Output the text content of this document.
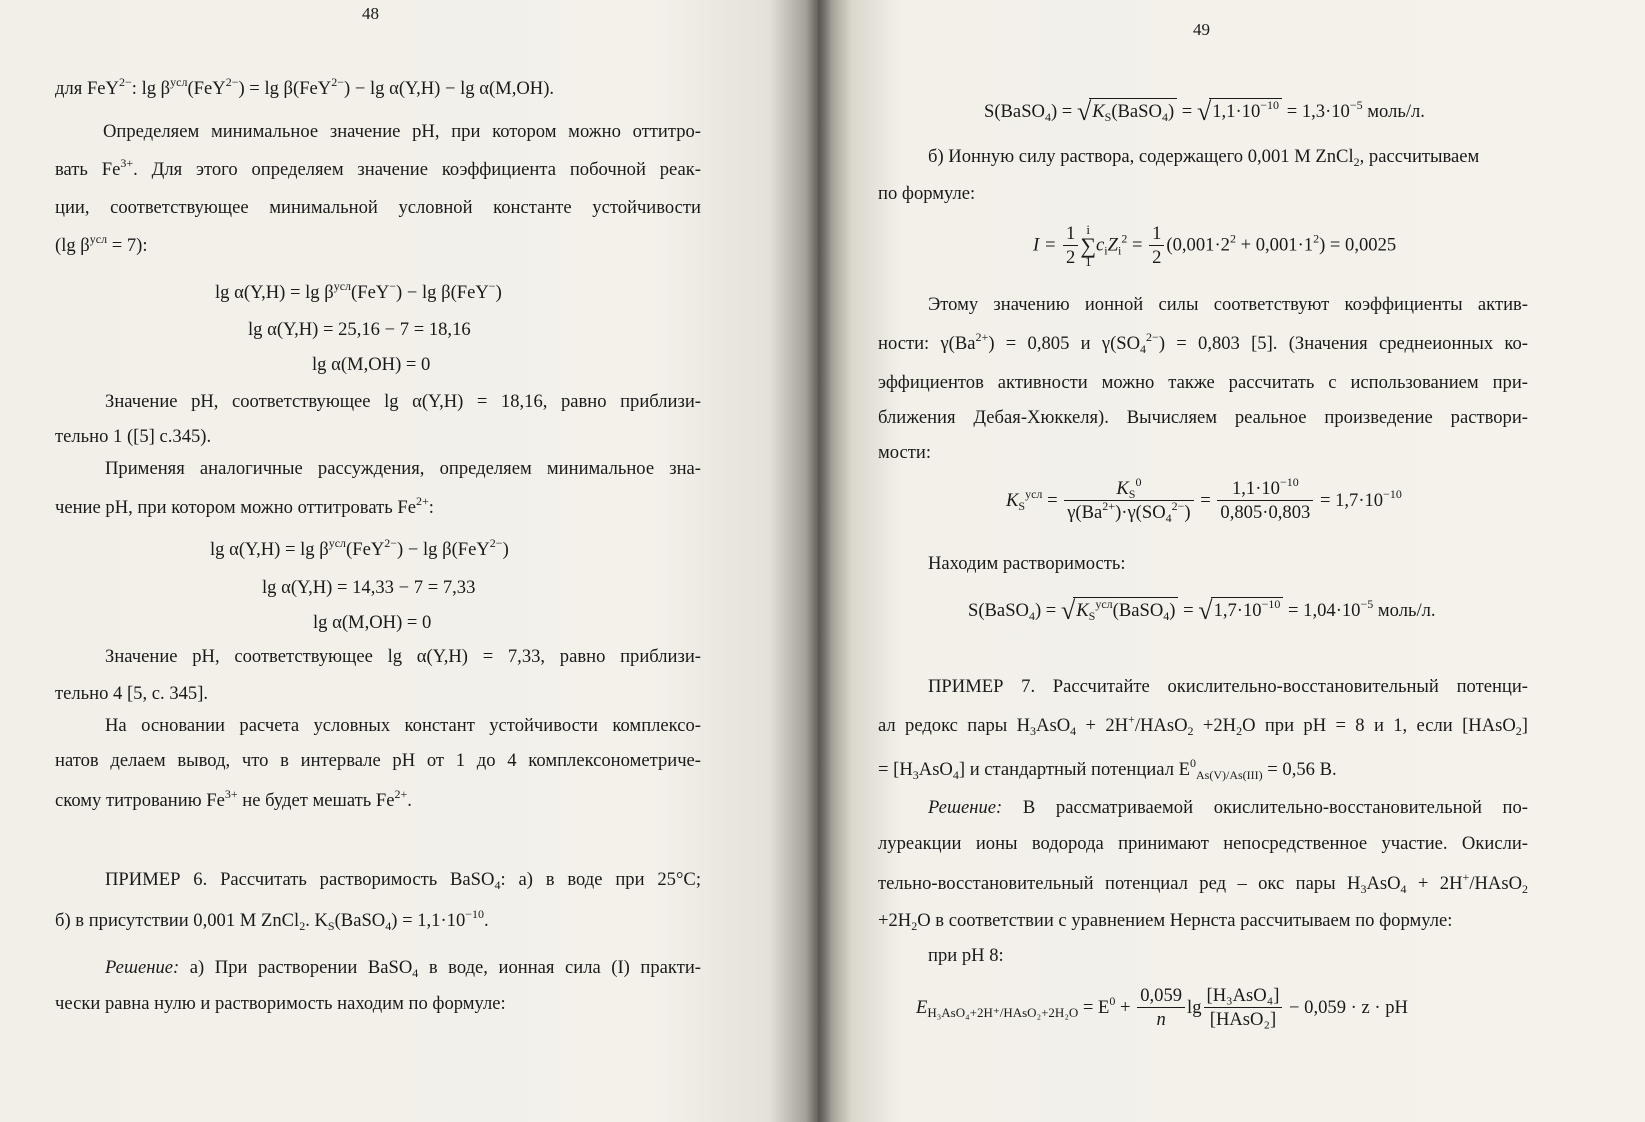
48
для FeY$^{2-}$: $\lg \beta^{усл}(FeY^{2-}) = \lg \beta(FeY^{2-}) - \lg \alpha(Y,H) - \lg \alpha(M,OH)$.
Определяем минимальное значение pH, при котором можно оттитро-
вать $Fe^{3+}$. Для этого определяем значение коэффициента побочной реак-
ции, соответствующее минимальной условной константе устойчивости
(lg $\beta^{усл} = 7$):
$\lg \alpha(Y,H) = \lg \beta^{усл}(FeY^-) - \lg \beta(FeY^-)$
lg α(Y,H) = 25,16 − 7 = 18,16
lg α(M,OH) = 0
Значение pH, соответствующее lg α(Y,H) = 18,16, равно приблизи-
тельно 1 ([5] с.345).
Применяя аналогичные рассуждения, определяем минимальное зна-
чение pH, при котором можно оттитровать $Fe^{2+}$:
$\lg \alpha(Y,H) = \lg \beta^{усл}(FeY^{2-}) - \lg \beta(FeY^{2-})$
lg α(Y,H) = 14,33 − 7 = 7,33
lg α(M,OH) = 0
Значение pH, соответствующее lg α(Y,H) = 7,33, равно приблизи-
тельно 4 [5, с. 345].
На основании расчета условных констант устойчивости комплексо-
натов делаем вывод, что в интервале pH от 1 до 4 комплексонометриче-
скому титрованию $Fe^{3+}$ не будет мешать $Fe^{2+}$.
ПРИМЕР 6. Рассчитать растворимость BaSO$_4$: а) в воде при 25°С;
б) в присутствии 0,001 М ZnCl$_2$. $K_S(BaSO_4) = 1,1\cdot 10^{-10}$.
Решение: а) При растворении BaSO$_4$ в воде, ионная сила (I) практи-
чески равна нулю и растворимость находим по формуле:
49
S(BaSO$_4$) = $√K_S(BaSO_4) = √1,1\cdot 10^{-10} = 1,3\cdot 10^{-5}$ моль/л.
б) Ионную силу раствора, содержащего 0,001 М ZnCl$_2$, рассчитываем
по формуле:
$I = \frac{1}{2}$ i
∑
1
$c_iZ_i^2 = \frac{1}{2} (0,001\cdot 2^2 + 0,001\cdot 1^2) = 0,0025$
Этому значению ионной силы соответствуют коэффициенты актив-
ности: $\gamma(Ba^{2+}) = 0,805$ и $\gamma(SO_4^{2-}) = 0,803$ [5]. (Значения среднеионных ко-
эффициентов активности можно также рассчитать с использованием при-
ближения Дебая-Хюккеля). Вычисляем реальное произведение раствори-
мости:
$K_S^{усл} = \frac{K_S^0}{\gamma(Ba^{2+})\cdot\gamma(SO_4^{2-})} = \frac{1,1\cdot 10^{-10}}{0,805\cdot 0,803} = 1,7\cdot 10^{-10}$
Находим растворимость:
S(BaSO$_4$) = $√K_S^{усл}(BaSO_4) = √1,7\cdot 10^{-10} = 1,04\cdot 10^{-5}$ моль/л.
ПРИМЕР 7. Рассчитайте окислительно-восстановительный потенци-
ал редокс пары $H_3AsO_4$ + 2H+/HAsO$_2$ $+2H_2O$ при pH = 8 и 1, если [HAsO$_2$]
= $[H_3AsO_4]$ и стандартный потенциал $E^0_{As(V)/As(III)} = 0,56$ В.
Решение: В рассматриваемой окислительно-восстановительной по-
луреакции ионы водорода принимают непосредственное участие. Окисли-
тельно-восстановительный потенциал ред – окс пары $H_3AsO_4$ + 2H+/HAsO$_2$
$+2H_2O$ в соответствии с уравнением Нернста рассчитываем по формуле:
при pH 8:
$E_{H_3AsO_4+2H^+/HAsO_2+2H_2O} = E^0 + \frac{0,059}{n}$ $\lg \frac{\text{[H₃AsO₄]}}{\text{[HAsO₂]}} - 0,059 \cdot z$ · pH
